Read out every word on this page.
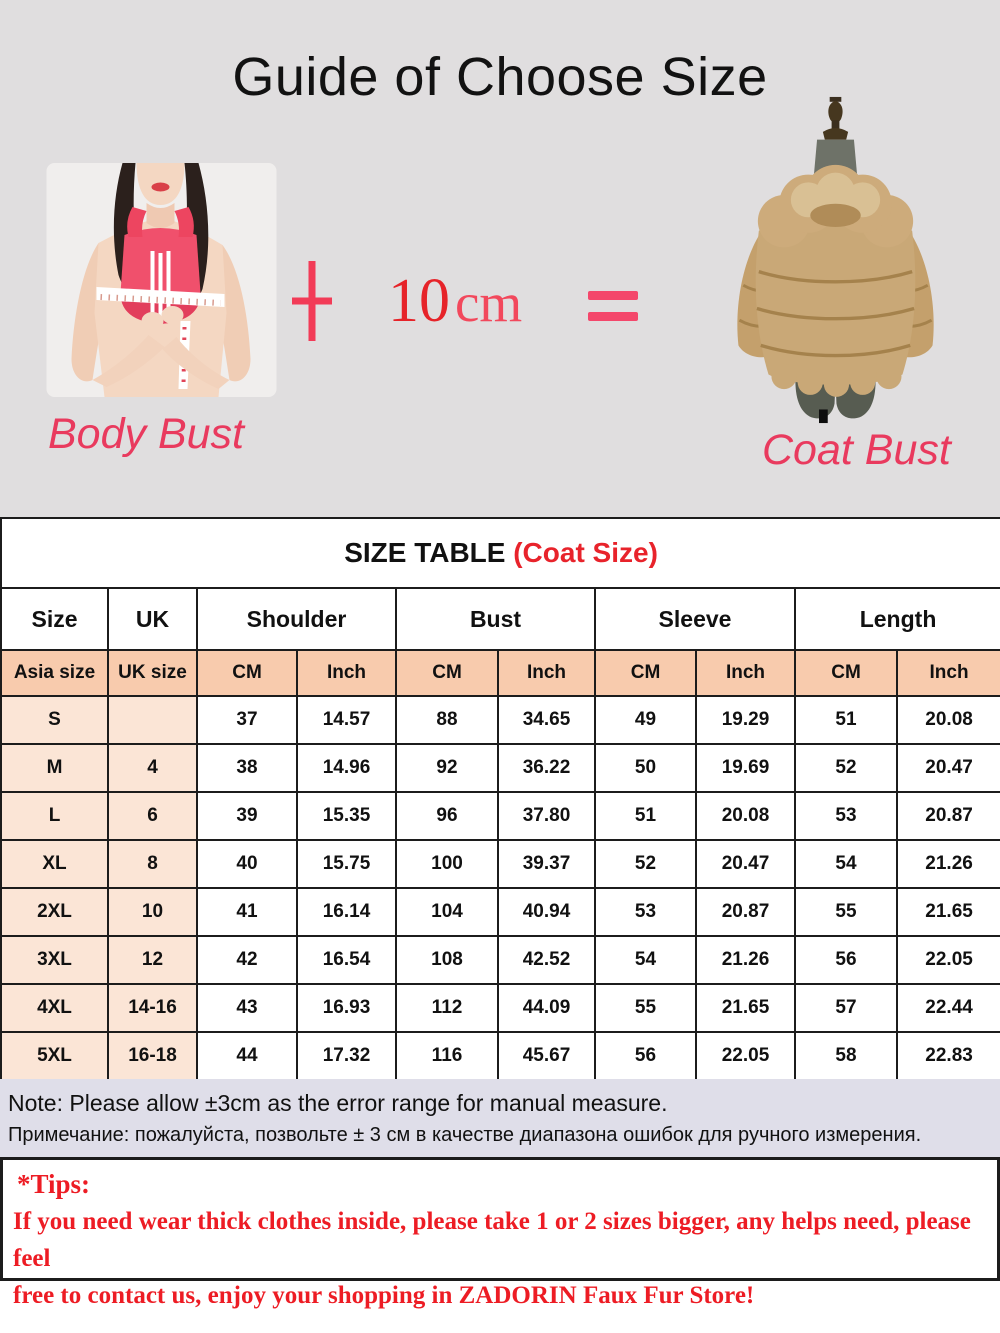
Guide of Choose Size
Body Bust
10cm
Coat Bust
SIZE TABLE (Coat Size)									
Size	UK	Shoulder		Bust		Sleeve		Length	
Asia size	UK size	CM	Inch	CM	Inch	CM	Inch	CM	Inch
S		37	14.57	88	34.65	49	19.29	51	20.08
M	4	38	14.96	92	36.22	50	19.69	52	20.47
L	6	39	15.35	96	37.80	51	20.08	53	20.87
XL	8	40	15.75	100	39.37	52	20.47	54	21.26
2XL	10	41	16.14	104	40.94	53	20.87	55	21.65
3XL	12	42	16.54	108	42.52	54	21.26	56	22.05
4XL	14-16	43	16.93	112	44.09	55	21.65	57	22.44
5XL	16-18	44	17.32	116	45.67	56	22.05	58	22.83
Note: Please allow ±3cm as the error range for manual measure.
Примечание: пожалуйста, позвольте ± 3 см в качестве диапазона ошибок для ручного измерения.
*Tips:
If you need wear thick clothes inside, please take 1 or 2 sizes bigger, any helps need, please feel
free to contact us, enjoy your shopping in ZADORIN Faux Fur Store!
